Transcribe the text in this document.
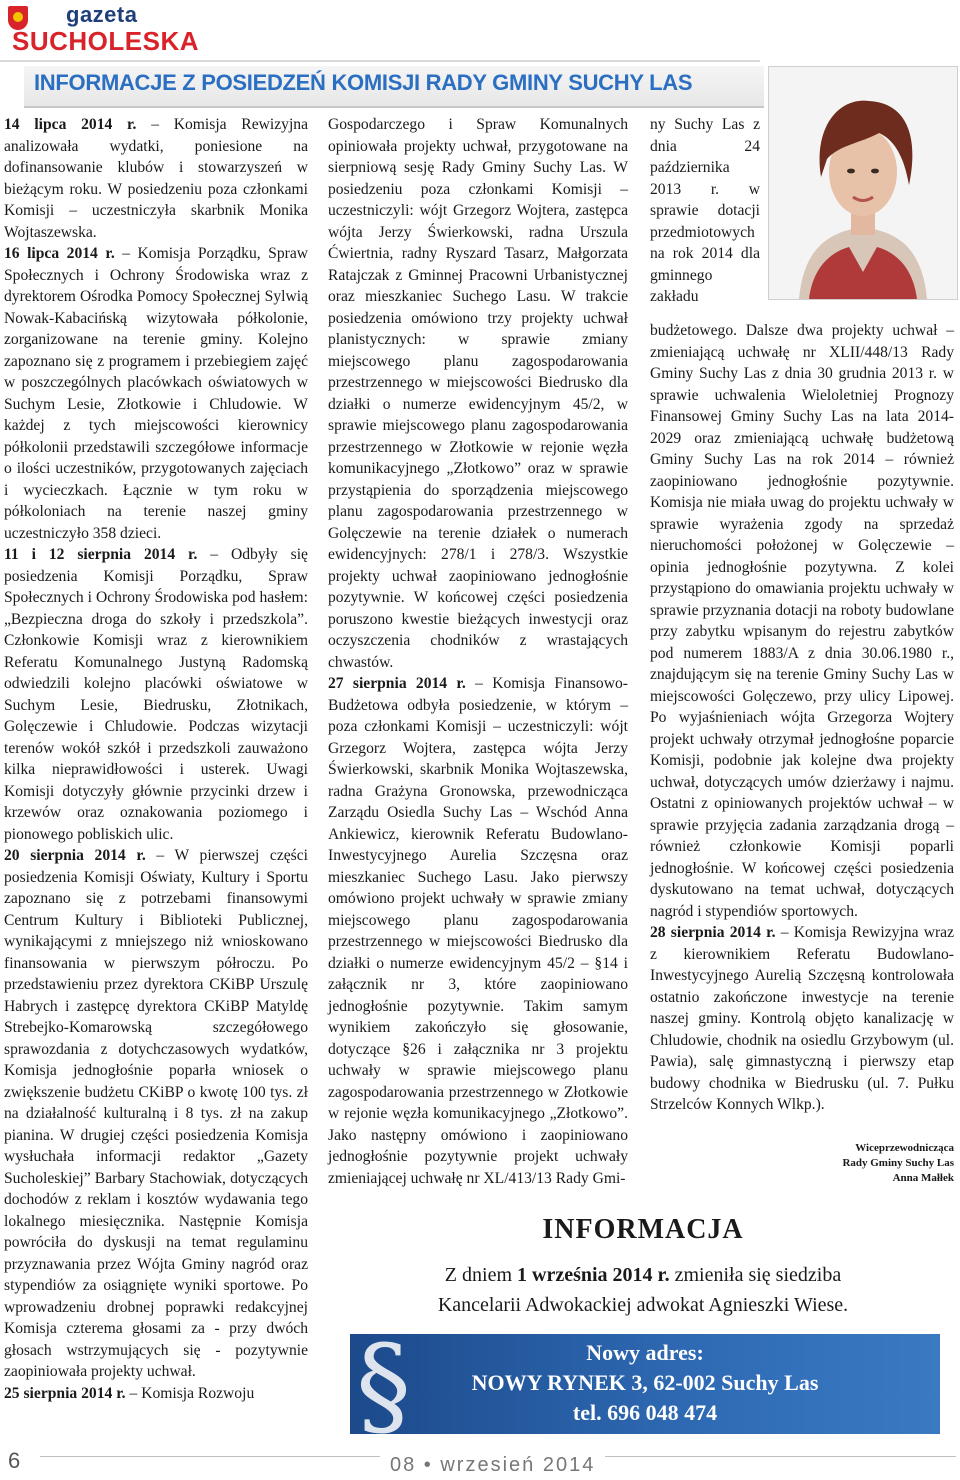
gazeta
SUCHOLESKA
INFORMACJE Z POSIEDZEŃ KOMISJI RADY GMINY SUCHY LAS

14 lipca 2014 r. – Komisja Rewizyjna analizowała wydatki, poniesione na dofinansowanie klubów i stowarzyszeń w bieżącym roku. W posiedzeniu poza członkami Komisji – uczestniczyła skarbnik Monika Wojtaszewska.

16 lipca 2014 r. – Komisja Porządku, Spraw Społecznych i Ochrony Środowiska wraz z dyrektorem Ośrodka Pomocy Społecznej Sylwią Nowak-Kabacińską wizytowała półkolonie, zorganizowane na terenie gminy. Kolejno zapoznano się z programem i przebiegiem zajęć w poszczególnych placówkach oświatowych w Suchym Lesie, Złotkowie i Chludowie. W każdej z tych miejscowości kierownicy półkolonii przedstawili szczegółowe informacje o ilości uczestników, przygotowanych zajęciach i wycieczkach. Łącznie w tym roku w półkoloniach na terenie naszej gminy uczestniczyło 358 dzieci.

11 i 12 sierpnia 2014 r. – Odbyły się posiedzenia Komisji Porządku, Spraw Społecznych i Ochrony Środowiska pod hasłem: „Bezpieczna droga do szkoły i przedszkola”. Członkowie Komisji wraz z kierownikiem Referatu Komunalnego Justyną Radomską odwiedzili kolejno placówki oświatowe w Suchym Lesie, Biedrusku, Złotnikach, Golęczewie i Chludowie. Podczas wizytacji terenów wokół szkół i przedszkoli zauważono kilka nieprawidłowości i usterek. Uwagi Komisji dotyczyły głównie przycinki drzew i krzewów oraz oznakowania poziomego i pionowego pobliskich ulic.

20 sierpnia 2014 r. – W pierwszej części posiedzenia Komisji Oświaty, Kultury i Sportu zapoznano się z potrzebami finansowymi Centrum Kultury i Biblioteki Publicznej, wynikającymi z mniejszego niż wnioskowano finansowania w pierwszym półroczu. Po przedstawieniu przez dyrektora CKiBP Urszulę Habrych i zastępcę dyrektora CKiBP Matyldę Strebejko-Komarowską szczegółowego sprawozdania z dotychczasowych wydatków, Komisja jednogłośnie poparła wniosek o zwiększenie budżetu CKiBP o kwotę 100 tys. zł na działalność kulturalną i 8 tys. zł na zakup pianina. W drugiej części posiedzenia Komisja wysłuchała informacji redaktor „Gazety Sucholeskiej” Barbary Stachowiak, dotyczących dochodów z reklam i kosztów wydawania tego lokalnego miesięcznika. Następnie Komisja powróciła do dyskusji na temat regulaminu przyznawania przez Wójta Gminy nagród oraz stypendiów za osiągnięte wyniki sportowe. Po wprowadzeniu drobnej poprawki redakcyjnej Komisja czterema głosami za - przy dwóch głosach wstrzymujących się - pozytywnie zaopiniowała projekty uchwał.

25 sierpnia 2014 r. – Komisja Rozwoju

Gospodarczego i Spraw Komunalnych opiniowała projekty uchwał, przygotowane na sierpniową sesję Rady Gminy Suchy Las. W posiedzeniu poza członkami Komisji – uczestniczyli: wójt Grzegorz Wojtera, zastępca wójta Jerzy Świerkowski, radna Urszula Ćwiertnia, radny Ryszard Tasarz, Małgorzata Ratajczak z Gminnej Pracowni Urbanistycznej oraz mieszkaniec Suchego Lasu. W trakcie posiedzenia omówiono trzy projekty uchwał planistycznych: w sprawie zmiany miejscowego planu zagospodarowania przestrzennego w miejscowości Biedrusko dla działki o numerze ewidencyjnym 45/2, w sprawie miejscowego planu zagospodarowania przestrzennego w Złotkowie w rejonie węzła komunikacyjnego „Złotkowo” oraz w sprawie przystąpienia do sporządzenia miejscowego planu zagospodarowania przestrzennego w Golęczewie na terenie działek o numerach ewidencyjnych: 278/1 i 278/3. Wszystkie projekty uchwał zaopiniowano jednogłośnie pozytywnie. W końcowej części posiedzenia poruszono kwestie bieżących inwestycji oraz oczyszczenia chodników z wrastających chwastów.

27 sierpnia 2014 r. – Komisja Finansowo-Budżetowa odbyła posiedzenie, w którym – poza członkami Komisji – uczestniczyli: wójt Grzegorz Wojtera, zastępca wójta Jerzy Świerkowski, skarbnik Monika Wojtaszewska, radna Grażyna Gronowska, przewodnicząca Zarządu Osiedla Suchy Las – Wschód Anna Ankiewicz, kierownik Referatu Budowlano-Inwestycyjnego Aurelia Szczęsna oraz mieszkaniec Suchego Lasu. Jako pierwszy omówiono projekt uchwały w sprawie zmiany miejscowego planu zagospodarowania przestrzennego w miejscowości Biedrusko dla działki o numerze ewidencyjnym 45/2 – §14 i załącznik nr 3, które zaopiniowano jednogłośnie pozytywnie. Takim samym wynikiem zakończyło się głosowanie, dotyczące §26 i załącznika nr 3 projektu uchwały w sprawie miejscowego planu zagospodarowania przestrzennego w Złotkowie w rejonie węzła komunikacyjnego „Złotkowo”. Jako następny omówiono i zaopiniowano jednogłośnie pozytywnie projekt uchwały zmieniającej uchwałę nr XL/413/13 Rady Gmi-

ny Suchy Las z dnia 24 października 2013 r. w sprawie dotacji przedmiotowych na rok 2014 dla gminnego zakładu

budżetowego. Dalsze dwa projekty uchwał – zmieniającą uchwałę nr XLII/448/13 Rady Gminy Suchy Las z dnia 30 grudnia 2013 r. w sprawie uchwalenia Wieloletniej Prognozy Finansowej Gminy Suchy Las na lata 2014-2029 oraz zmieniającą uchwałę budżetową Gminy Suchy Las na rok 2014 – również zaopiniowano jednogłośnie pozytywnie. Komisja nie miała uwag do projektu uchwały w sprawie wyrażenia zgody na sprzedaż nieruchomości położonej w Golęczewie – opinia jednogłośnie pozytywna. Z kolei przystąpiono do omawiania projektu uchwały w sprawie przyznania dotacji na roboty budowlane przy zabytku wpisanym do rejestru zabytków pod numerem 1883/A z dnia 30.06.1980 r., znajdującym się na terenie Gminy Suchy Las w miejscowości Golęczewo, przy ulicy Lipowej. Po wyjaśnieniach wójta Grzegorza Wojtery projekt uchwały otrzymał jednogłośne poparcie Komisji, podobnie jak kolejne dwa projekty uchwał, dotyczących umów dzierżawy i najmu. Ostatni z opiniowanych projektów uchwał – w sprawie przyjęcia zadania zarządzania drogą – również członkowie Komisji poparli jednogłośnie. W końcowej części posiedzenia dyskutowano na temat uchwał, dotyczących nagród i stypendiów sportowych.

28 sierpnia 2014 r. – Komisja Rewizyjna wraz z kierownikiem Referatu Budowlano-Inwestycyjnego Aurelią Szczęsną kontrolowała ostatnio zakończone inwestycje na terenie naszej gminy. Kontrolą objęto kanalizację w Chludowie, chodnik na osiedlu Grzybowym (ul. Pawia), salę gimnastyczną i pierwszy etap budowy chodnika w Biedrusku (ul. 7. Pułku Strzelców Konnych Wlkp.).

Wiceprzewodnicząca
Rady Gminy Suchy Las
Anna Małłek
INFORMACJA
Z dniem 1 września 2014 r. zmieniła się siedziba
Kancelarii Adwokackiej adwokat Agnieszki Wiese.
§	Nowy adres:
NOWY RYNEK 3, 62-002 Suchy Las
tel. 696 048 474
6	08 • wrzesień 2014
